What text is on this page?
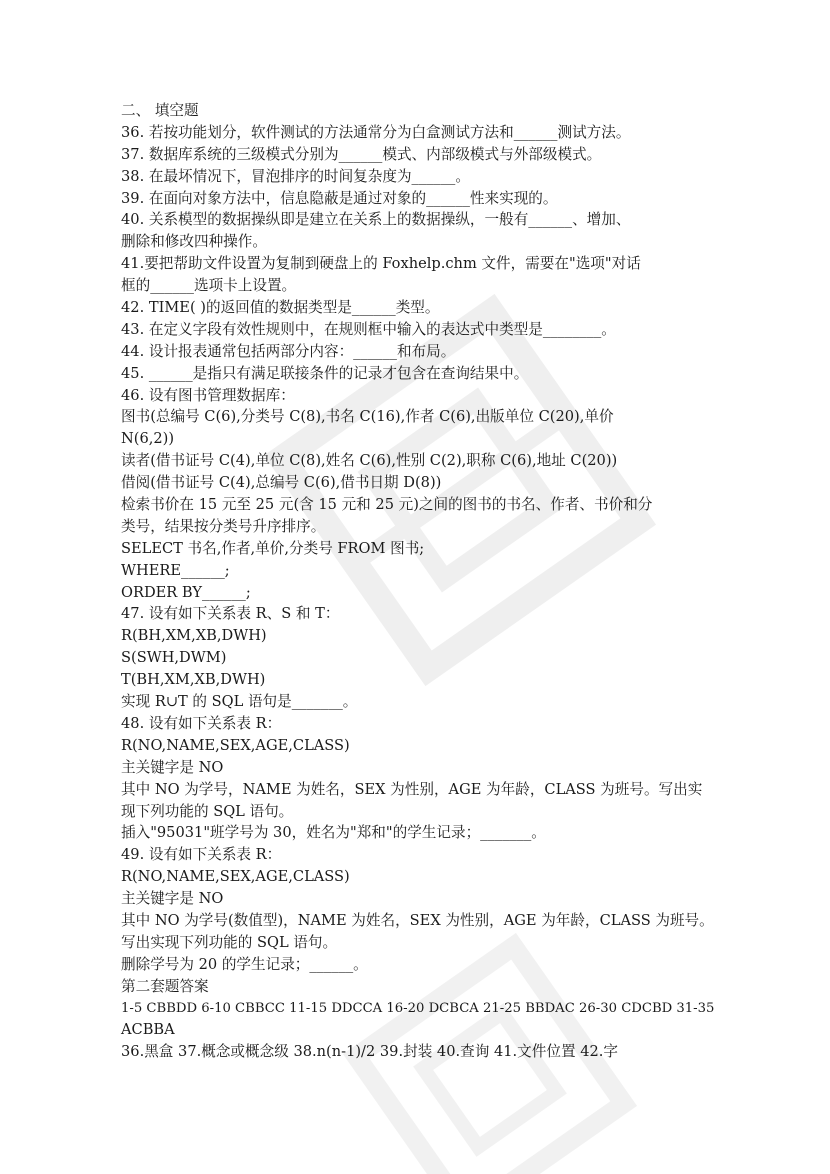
二、 填空题
36. 若按功能划分，软件测试的方法通常分为白盒测试方法和______测试方法。
37. 数据库系统的三级模式分别为______模式、内部级模式与外部级模式。
38. 在最坏情况下，冒泡排序的时间复杂度为______。
39. 在面向对象方法中，信息隐蔽是通过对象的______性来实现的。
40. 关系模型的数据操纵即是建立在关系上的数据操纵，一般有______、增加、
删除和修改四种操作。
41.要把帮助文件设置为复制到硬盘上的 Foxhelp.chm 文件，需要在"选项"对话
框的______选项卡上设置。
42. TIME( )的返回值的数据类型是______类型。
43. 在定义字段有效性规则中，在规则框中输入的表达式中类型是________。
44. 设计报表通常包括两部分内容：______和布局。
45. ______是指只有满足联接条件的记录才包含在查询结果中。
46. 设有图书管理数据库：
图书(总编号 C(6),分类号 C(8),书名 C(16),作者 C(6),出版单位 C(20),单价
N(6,2))
读者(借书证号 C(4),单位 C(8),姓名 C(6),性别 C(2),职称 C(6),地址 C(20))
借阅(借书证号 C(4),总编号 C(6),借书日期 D(8))
检索书价在 15 元至 25 元(含 15 元和 25 元)之间的图书的书名、作者、书价和分
类号，结果按分类号升序排序。
SELECT 书名,作者,单价,分类号 FROM 图书;
WHERE______;
ORDER BY______;
47. 设有如下关系表 R、S 和 T：
R(BH,XM,XB,DWH)
S(SWH,DWM)
T(BH,XM,XB,DWH)
实现 R∪T 的 SQL 语句是_______。
48. 设有如下关系表 R：
R(NO,NAME,SEX,AGE,CLASS)
主关键字是 NO
其中 NO 为学号，NAME 为姓名，SEX 为性别，AGE 为年龄，CLASS 为班号。写出实
现下列功能的 SQL 语句。
插入"95031"班学号为 30，姓名为"郑和"的学生记录；_______。
49. 设有如下关系表 R：
R(NO,NAME,SEX,AGE,CLASS)
主关键字是 NO
其中 NO 为学号(数值型)，NAME 为姓名，SEX 为性别，AGE 为年龄，CLASS 为班号。
写出实现下列功能的 SQL 语句。
删除学号为 20 的学生记录；______。
第二套题答案
1-5 CBBDD 6-10 CBBCC 11-15 DDCCA 16-20 DCBCA 21-25 BBDAC 26-30 CDCBD 31-35
ACBBA
36.黑盒 37.概念或概念级 38.n(n-1)/2 39.封装 40.查询 41.文件位置 42.字
